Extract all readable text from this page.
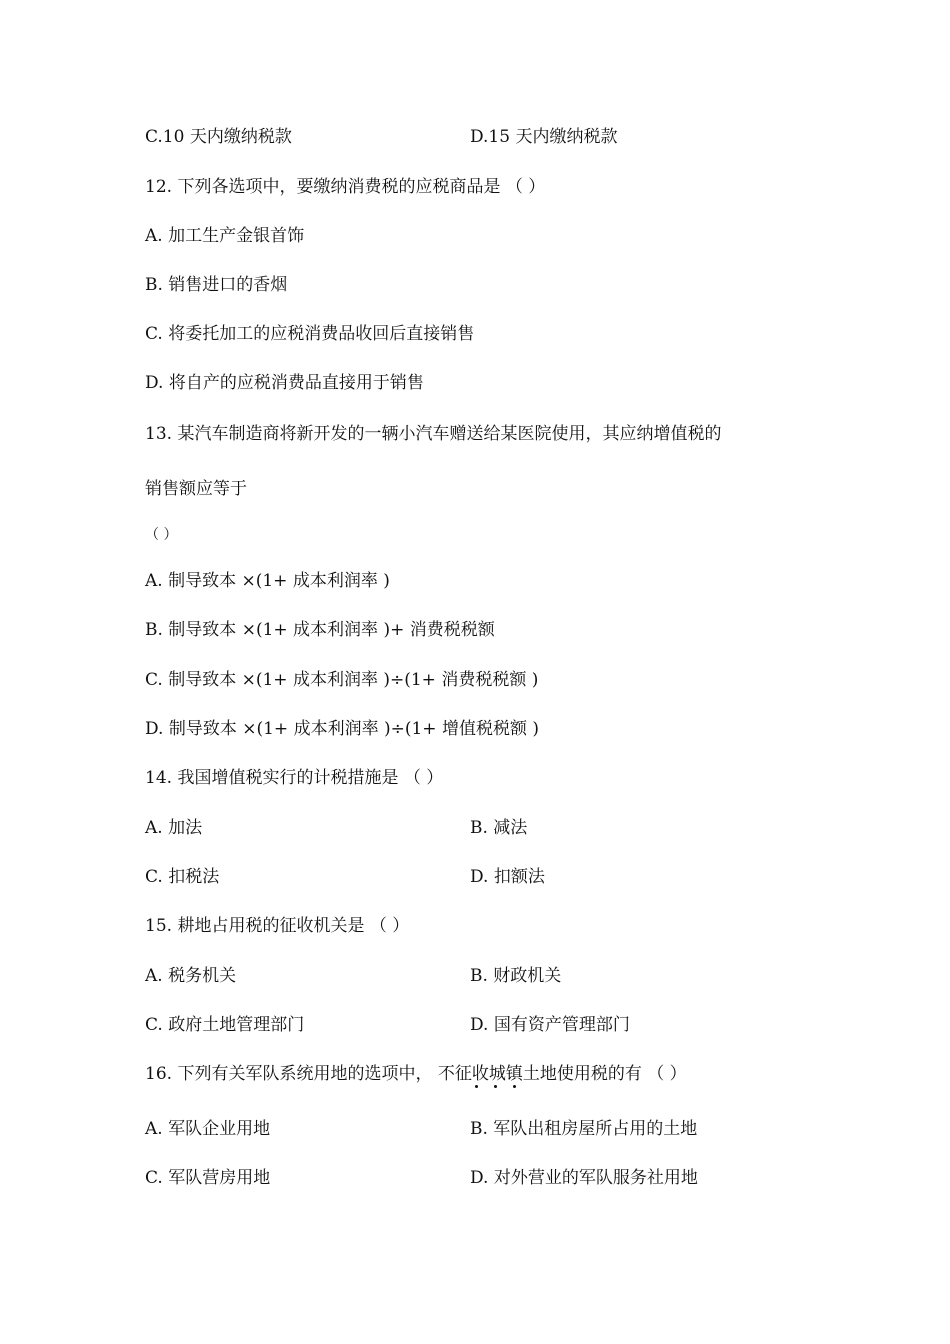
C.10 天内缴纳税款	D.15 天内缴纳税款
12. 下列各选项中，要缴纳消费税的应税商品是 （ ）
A. 加工生产金银首饰
B. 销售进口的香烟
C. 将委托加工的应税消费品收回后直接销售
D. 将自产的应税消费品直接用于销售
13. 某汽车制造商将新开发的一辆小汽车赠送给某医院使用，其应纳增值税的
销售额应等于
（ ）
A. 制导致本 ×(1+ 成本利润率 )
B. 制导致本 ×(1+ 成本利润率 )+ 消费税税额
C. 制导致本 ×(1+ 成本利润率 )÷(1+ 消费税税额 )
D. 制导致本 ×(1+ 成本利润率 )÷(1+ 增值税税额 )
14. 我国增值税实行的计税措施是 （ ）
A. 加法	B. 减法
C. 扣税法	D. 扣额法
15. 耕地占用税的征收机关是 （ ）
A. 税务机关	B. 财政机关
C. 政府土地管理部门	D. 国有资产管理部门
16. 下列有关军队系统用地的选项中， 不征收城镇土地使用税的有 （ ）
A. 军队企业用地	B. 军队出租房屋所占用的土地
C. 军队营房用地	D. 对外营业的军队服务社用地
